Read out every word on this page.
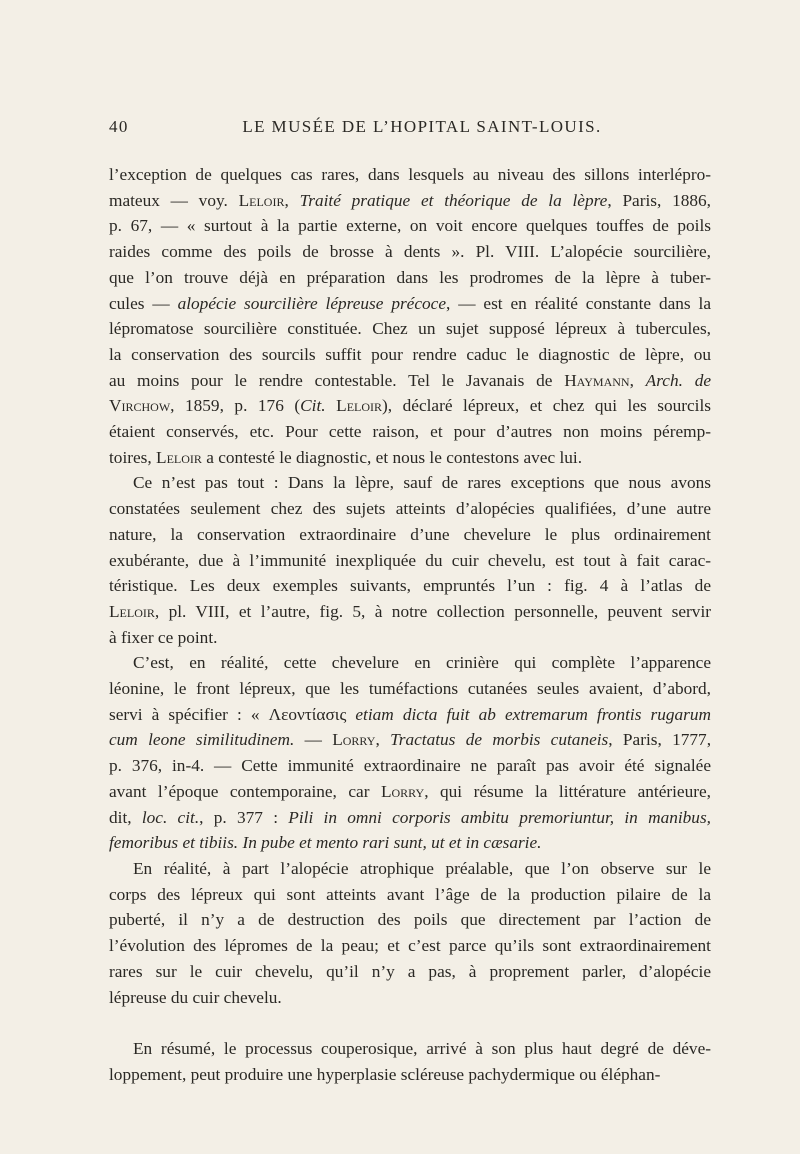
40	LE MUSÉE DE L’HOPITAL SAINT-LOUIS.

l’exception de quelques cas rares, dans lesquels au niveau des sillons interlépro-

mateux — voy. Leloir, Traité pratique et théorique de la lèpre, Paris, 1886,

p. 67, — « surtout à la partie externe, on voit encore quelques touffes de poils

raides comme des poils de brosse à dents ». Pl. VIII. L’alopécie sourcilière,

que l’on trouve déjà en préparation dans les prodromes de la lèpre à tuber-

cules — alopécie sourcilière lépreuse précoce, — est en réalité constante dans la

lépromatose sourcilière constituée. Chez un sujet supposé lépreux à tubercules,

la conservation des sourcils suffit pour rendre caduc le diagnostic de lèpre, ou

au moins pour le rendre contestable. Tel le Javanais de Haymann, Arch. de

Virchow, 1859, p. 176 (Cit. Leloir), déclaré lépreux, et chez qui les sourcils

étaient conservés, etc. Pour cette raison, et pour d’autres non moins péremp-

toires, Leloir a contesté le diagnostic, et nous le contestons avec lui.

Ce n’est pas tout : Dans la lèpre, sauf de rares exceptions que nous avons

constatées seulement chez des sujets atteints d’alopécies qualifiées, d’une autre

nature, la conservation extraordinaire d’une chevelure le plus ordinairement

exubérante, due à l’immunité inexpliquée du cuir chevelu, est tout à fait carac-

téristique. Les deux exemples suivants, empruntés l’un : fig. 4 à l’atlas de

Leloir, pl. VIII, et l’autre, fig. 5, à notre collection personnelle, peuvent servir

à fixer ce point.

C’est, en réalité, cette chevelure en crinière qui complète l’apparence

léonine, le front lépreux, que les tuméfactions cutanées seules avaient, d’abord,

servi à spécifier : « Λεοντίασις etiam dicta fuit ab extremarum frontis rugarum

cum leone similitudinem. — Lorry, Tractatus de morbis cutaneis, Paris, 1777,

p. 376, in-4. — Cette immunité extraordinaire ne paraît pas avoir été signalée

avant l’époque contemporaine, car Lorry, qui résume la littérature antérieure,

dit, loc. cit., p. 377 : Pili in omni corporis ambitu premoriuntur, in manibus,

femoribus et tibiis. In pube et mento rari sunt, ut et in cæsarie.

En réalité, à part l’alopécie atrophique préalable, que l’on observe sur le

corps des lépreux qui sont atteints avant l’âge de la production pilaire de la

puberté, il n’y a de destruction des poils que directement par l’action de

l’évolution des lépromes de la peau; et c’est parce qu’ils sont extraordinairement

rares sur le cuir chevelu, qu’il n’y a pas, à proprement parler, d’alopécie

lépreuse du cuir chevelu.

En résumé, le processus couperosique, arrivé à son plus haut degré de déve-

loppement, peut produire une hyperplasie scléreuse pachydermique ou éléphan-
